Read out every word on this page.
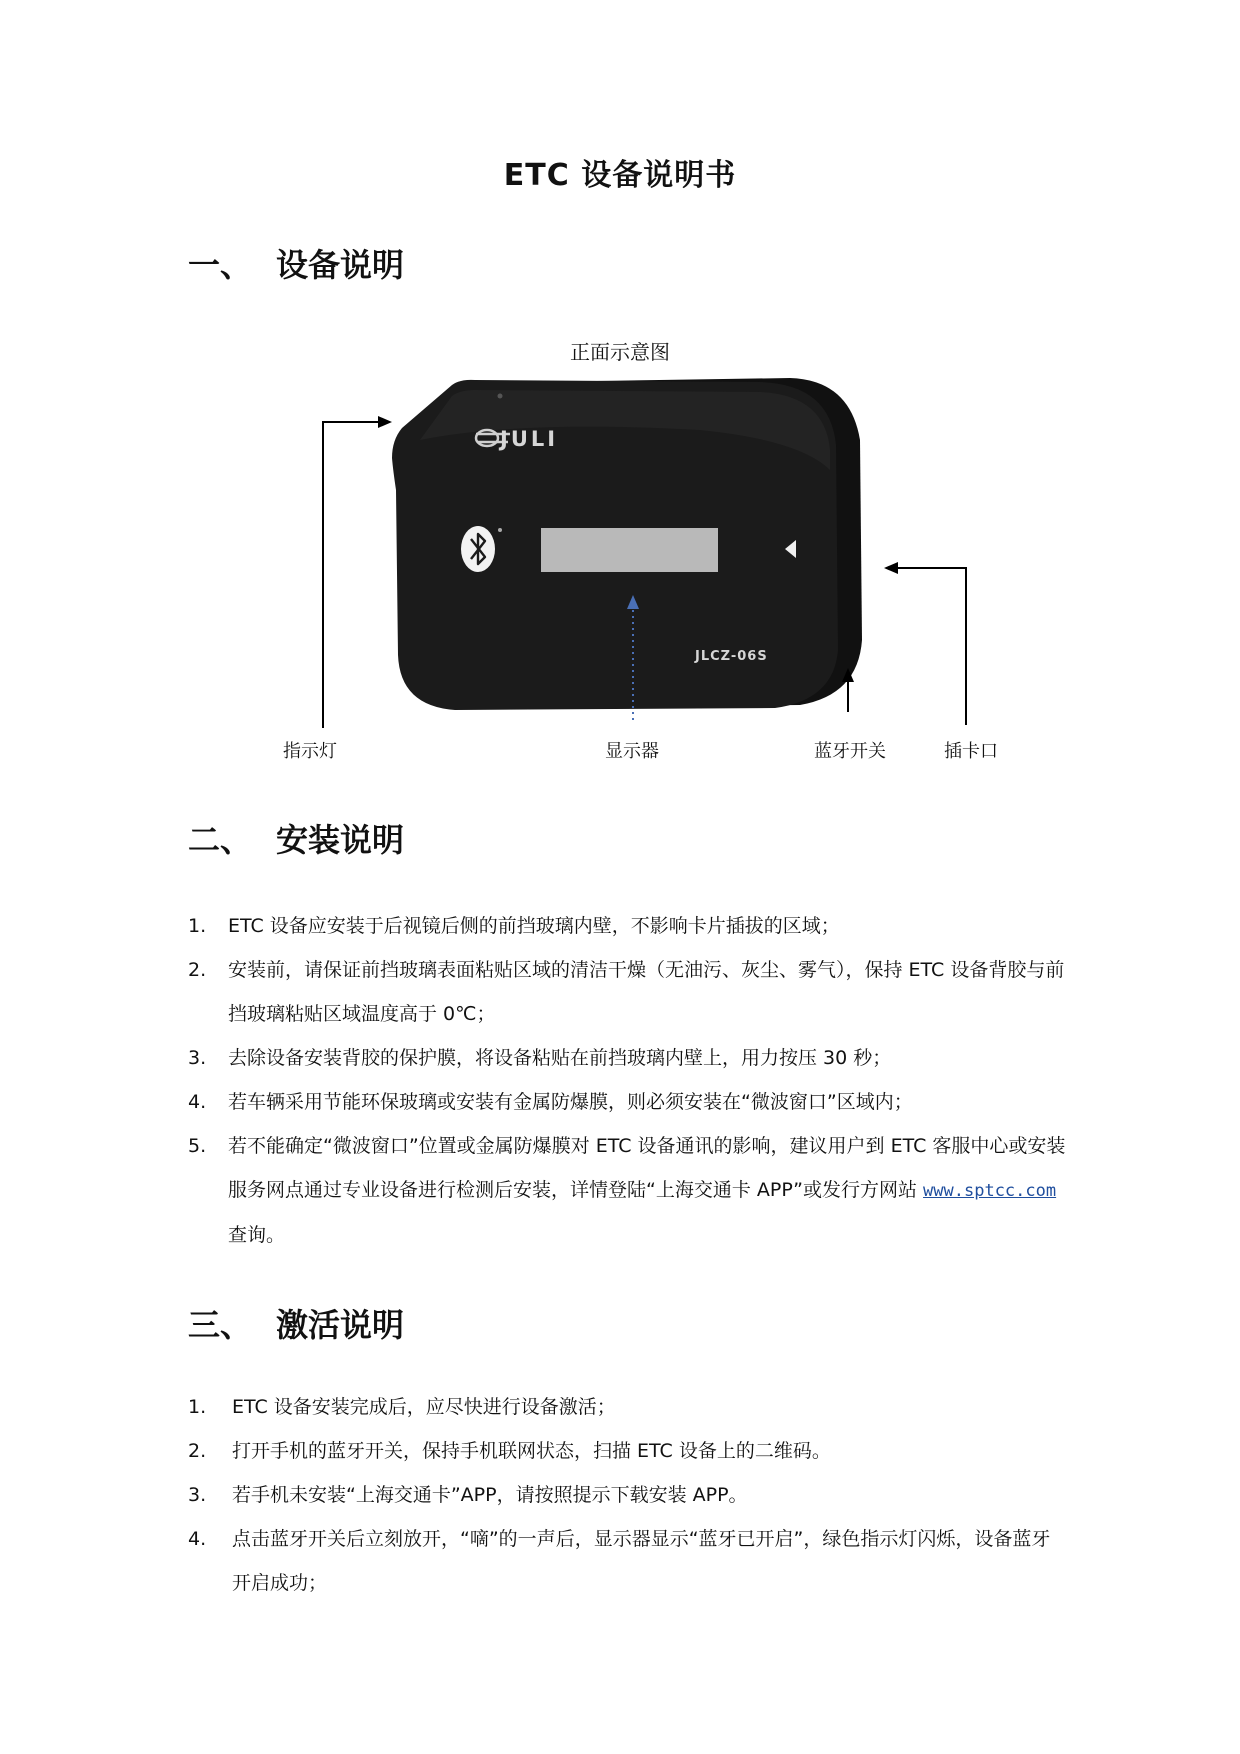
ETC 设备说明书
一、 设备说明
正面示意图
JULI
JLCZ-06S
指示灯	显示器	蓝牙开关	插卡口
二、 安装说明
1. ETC 设备应安装于后视镜后侧的前挡玻璃内壁，不影响卡片插拔的区域；
2. 安装前，请保证前挡玻璃表面粘贴区域的清洁干燥（无油污、灰尘、雾气），保持 ETC 设备背胶与前挡玻璃粘贴区域温度高于 0℃；
3. 去除设备安装背胶的保护膜，将设备粘贴在前挡玻璃内壁上，用力按压 30 秒；
4. 若车辆采用节能环保玻璃或安装有金属防爆膜，则必须安装在“微波窗口”区域内；
5. 若不能确定“微波窗口”位置或金属防爆膜对 ETC 设备通讯的影响，建议用户到 ETC 客服中心或安装服务网点通过专业设备进行检测后安装，详情登陆“上海交通卡 APP”或发行方网站 www.sptcc.com查询。
三、 激活说明
1. ETC 设备安装完成后，应尽快进行设备激活；
2. 打开手机的蓝牙开关，保持手机联网状态，扫描 ETC 设备上的二维码。
3. 若手机未安装“上海交通卡”APP，请按照提示下载安装 APP。
4. 点击蓝牙开关后立刻放开，“嘀”的一声后，显示器显示“蓝牙已开启”，绿色指示灯闪烁，设备蓝牙开启成功；
